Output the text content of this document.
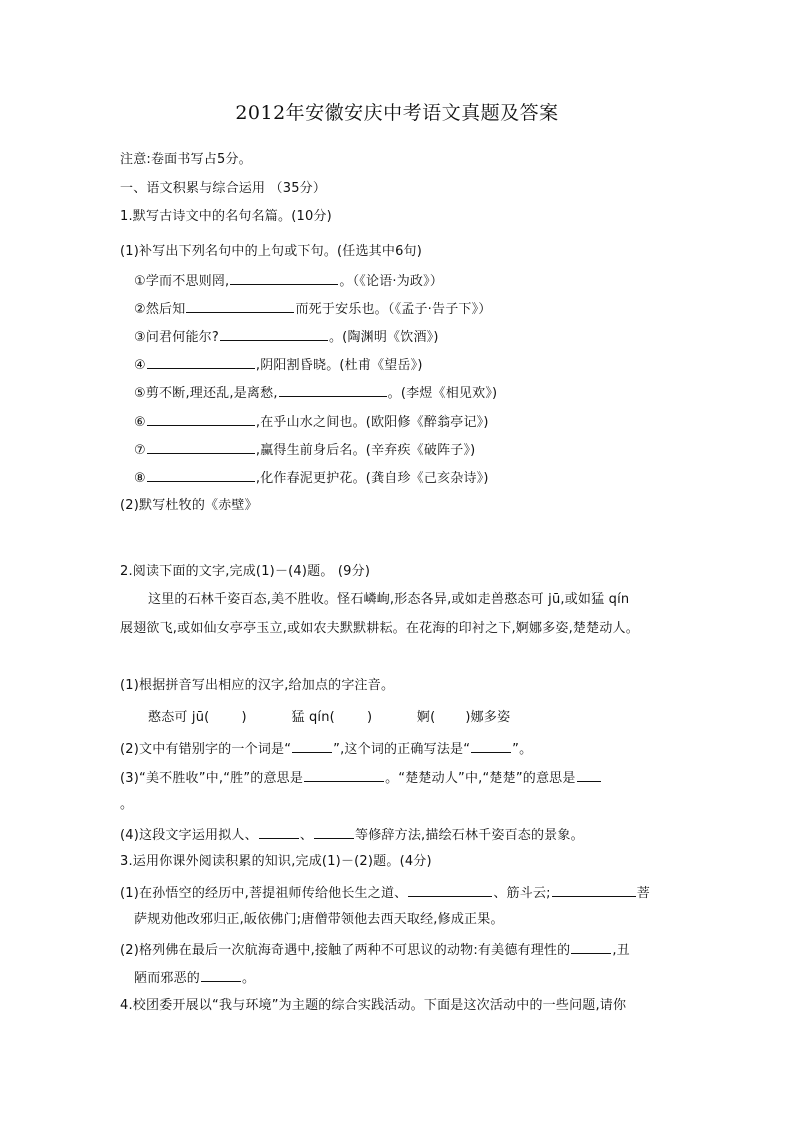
2012年安徽安庆中考语文真题及答案
注意:卷面书写占5分。
一、语文积累与综合运用 （35分）
1.默写古诗文中的名句名篇。(10分)
(1)补写出下列名句中的上句或下句。(任选其中6句)
①学而不思则罔,	。（《论语·为政》）
②然后知	而死于安乐也。（《孟子·告子下》）
③问君何能尔?	。(陶渊明《饮酒》)
④	,阴阳割昏晓。(杜甫《望岳》)
⑤剪不断,理还乱,是离愁,	。(李煜《相见欢》)
⑥	,在乎山水之间也。(欧阳修《醉翁亭记》)
⑦	,赢得生前身后名。(辛弃疾《破阵子》)
⑧	,化作春泥更护花。(龚自珍《己亥杂诗》)
(2)默写杜牧的《赤壁》
2.阅读下面的文字,完成(1)－(4)题。 (9分)
这里的石林千姿百态,美不胜收。怪石嶙峋,形态各异,或如走兽憨态可 jū,或如猛 qín
展翅欲飞,或如仙女亭亭玉立,或如农夫默默耕耘。在花海的印衬之下,婀娜多姿,楚楚动人。
(1)根据拼音写出相应的汉字,给加点的字注音。
憨态可 jū( )	猛 qín( )	婀( )娜多姿
(2)文中有错别字的一个词是“	”,这个词的正确写法是“	”。
(3)“美不胜收”中,“胜”的意思是	。“楚楚动人”中,“楚楚”的意思是
。
(4)这段文字运用拟人、	、	等修辞方法,描绘石林千姿百态的景象。
3.运用你课外阅读积累的知识,完成(1)－(2)题。(4分)
(1)在孙悟空的经历中,菩提祖师传给他长生之道、	、筋斗云;	菩
萨规劝他改邪归正,皈依佛门;唐僧带领他去西天取经,修成正果。
(2)格列佛在最后一次航海奇遇中,接触了两种不可思议的动物:有美德有理性的	,丑
陋而邪恶的	。
4.校团委开展以“我与环境”为主题的综合实践活动。下面是这次活动中的一些问题,请你
